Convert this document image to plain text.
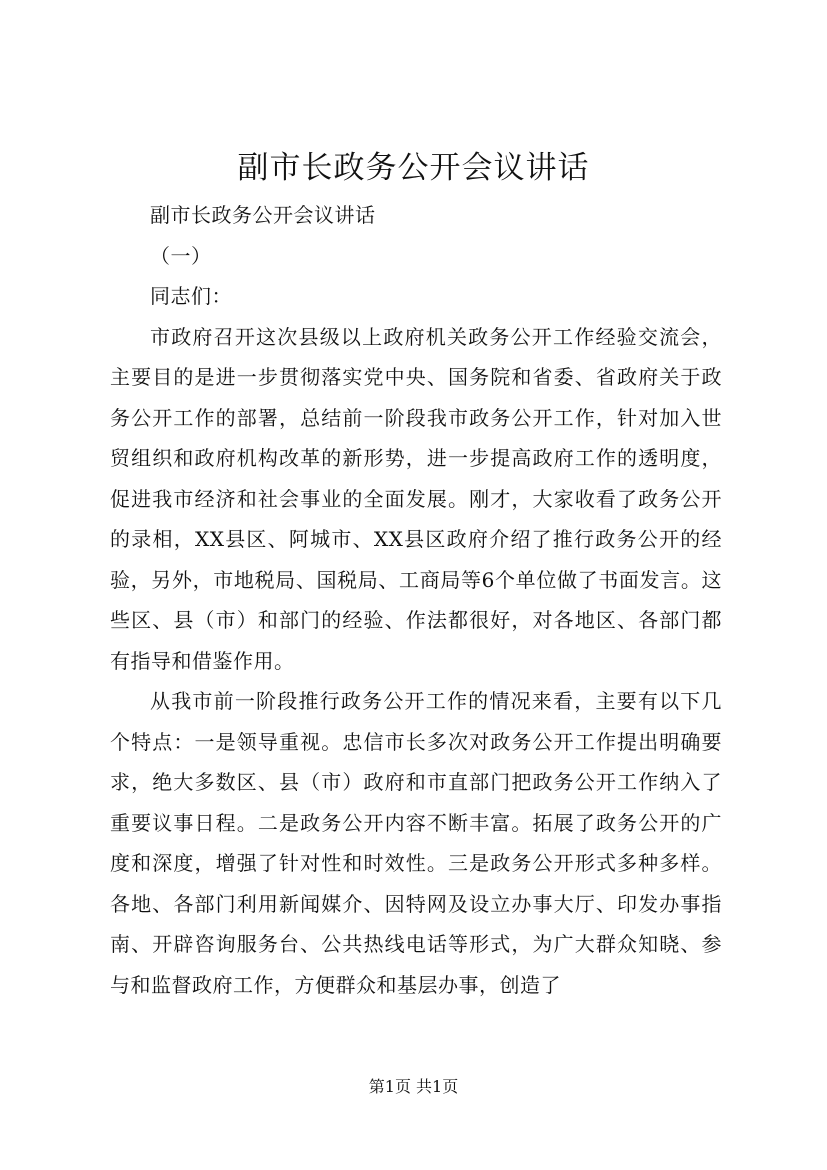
副市长政务公开会议讲话

副市长政务公开会议讲话

（一）

同志们：

市政府召开这次县级以上政府机关政务公开工作经验交流会，主要目的是进一步贯彻落实党中央、国务院和省委、省政府关于政务公开工作的部署，总结前一阶段我市政务公开工作，针对加入世贸组织和政府机构改革的新形势，进一步提高政府工作的透明度，促进我市经济和社会事业的全面发展。刚才，大家收看了政务公开的录相，XX县区、阿城市、XX县区政府介绍了推行政务公开的经验，另外，市地税局、国税局、工商局等6个单位做了书面发言。这些区、县（市）和部门的经验、作法都很好，对各地区、各部门都有指导和借鉴作用。

从我市前一阶段推行政务公开工作的情况来看，主要有以下几个特点：一是领导重视。忠信市长多次对政务公开工作提出明确要求，绝大多数区、县（市）政府和市直部门把政务公开工作纳入了重要议事日程。二是政务公开内容不断丰富。拓展了政务公开的广度和深度，增强了针对性和时效性。三是政务公开形式多种多样。各地、各部门利用新闻媒介、因特网及设立办事大厅、印发办事指南、开辟咨询服务台、公共热线电话等形式，为广大群众知晓、参与和监督政府工作，方便群众和基层办事，创造了

第1页 共1页
